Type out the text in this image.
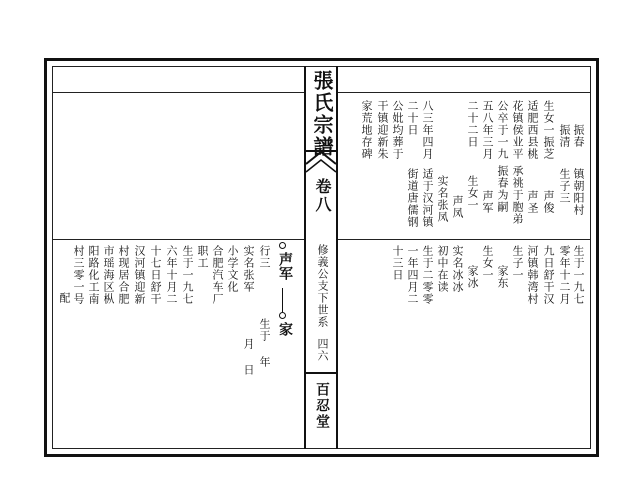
張氏宗譜
卷八
修義公支下世系
四六
百忍堂
振春
振清
生女一振芝
适肥西县桃
花镇侯业平
公卒于一九
五八年三月
二十二日
八三年四月
二十日
公妣均葬于
干镇迎新朱
家荒地存碑
镇朝阳村
生子三
声俊
声圣
承祧于胞弟
振春为嗣
声军
生女一
声凤
实名张凤
适于汉河镇
街道唐儒钢
生于一九七
零年十二月
九日舒干汉
河镇韩湾村
生子一
家东
生女一
家冰
实名冰冰
初中在读
生于二零零
一年四月二
十三日
声军
家
生于 年
月 日
行三
实名张军
小学文化
合肥汽车厂
职工
生于一九七
六年十月二
十七日舒干
汉河镇迎新
村现居合肥
市瑶海区枞
阳路化工南
村三零一号
配
